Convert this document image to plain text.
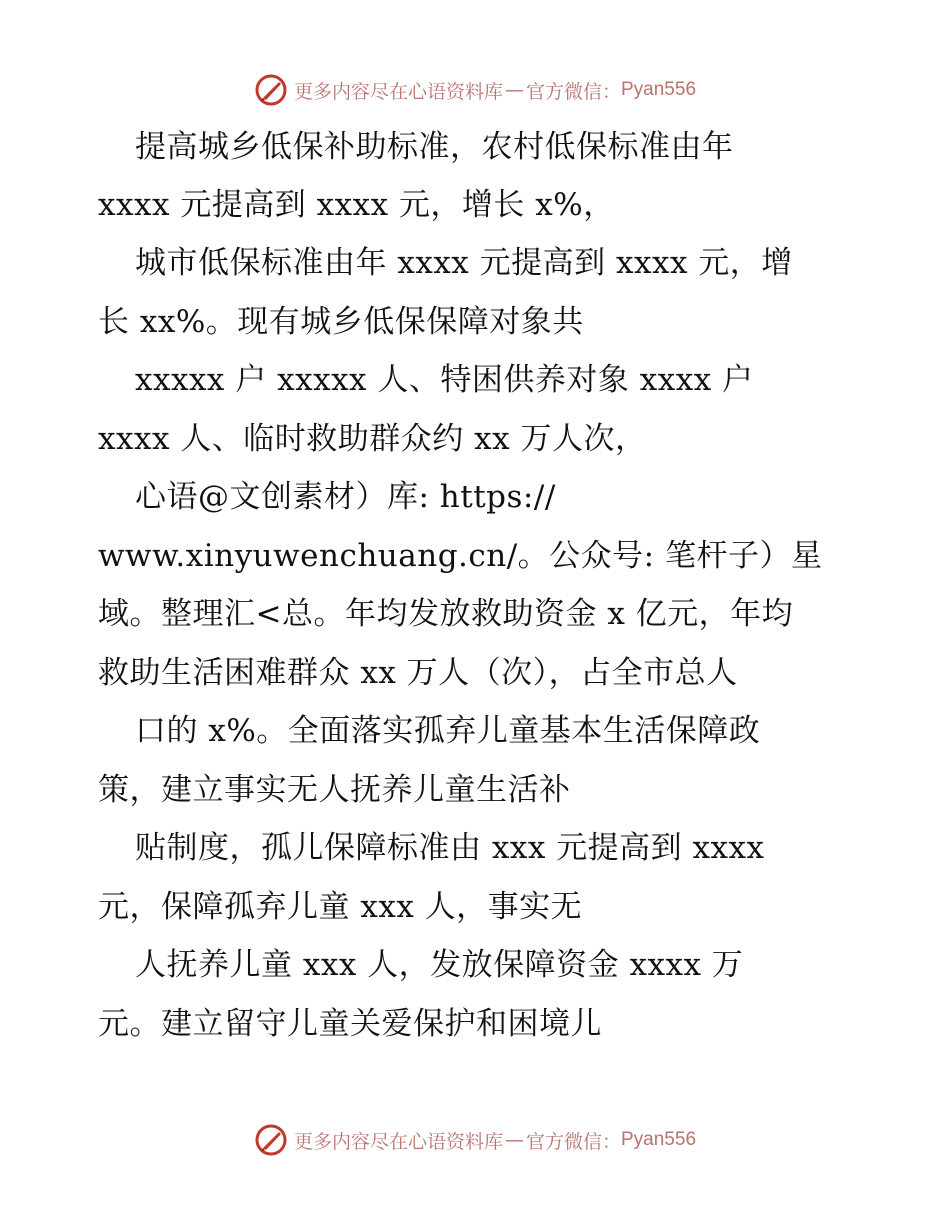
更多内容尽在心语资料库 — 官方微信： Pyan556
提高城乡低保补助标准，农村低保标准由年
xxxx 元提高到 xxxx 元，增长 x%，
城市低保标准由年 xxxx 元提高到 xxxx 元，增
长 xx%。现有城乡低保保障对象共
xxxxx 户 xxxxx 人、特困供养对象 xxxx 户
xxxx 人、临时救助群众约 xx 万人次，
心语@文创素材）库: https://
www.xinyuwenchuang.cn/。公众号: 笔杆子）星
域。整理汇<总。年均发放救助资金 x 亿元，年均
救助生活困难群众 xx 万人（次），占全市总人
口的 x%。全面落实孤弃儿童基本生活保障政
策，建立事实无人抚养儿童生活补
贴制度，孤儿保障标准由 xxx 元提高到 xxxx
元，保障孤弃儿童 xxx 人，事实无
人抚养儿童 xxx 人，发放保障资金 xxxx 万
元。建立留守儿童关爱保护和困境儿
更多内容尽在心语资料库 — 官方微信： Pyan556
